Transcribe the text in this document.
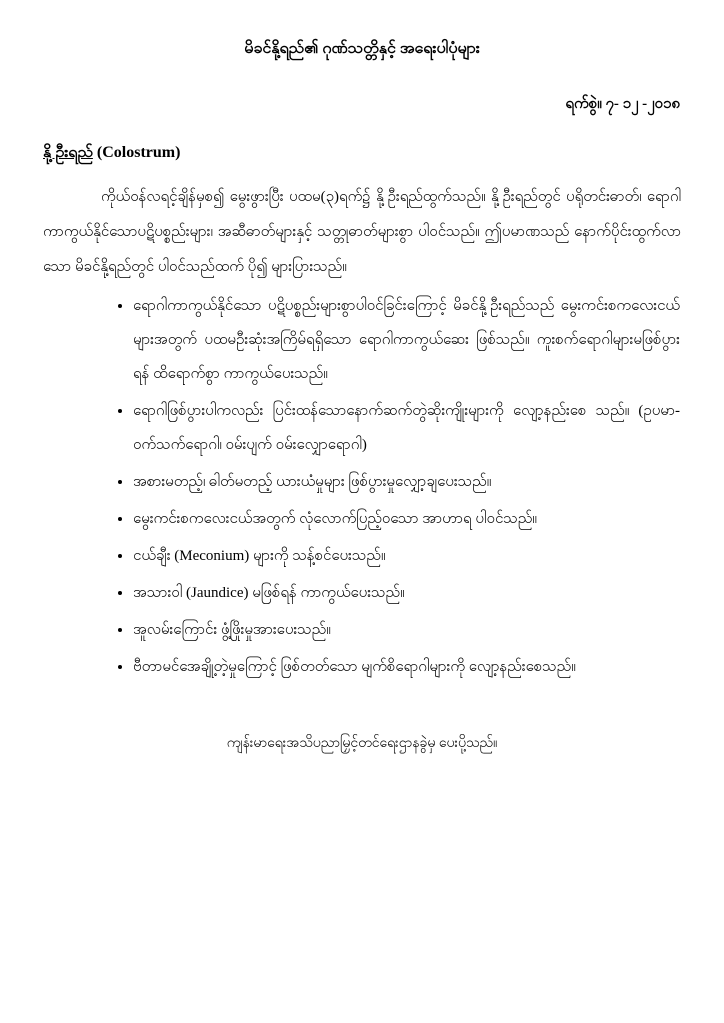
မိခင်နို့ရည်၏ ဂုဏ်သတ္တိနှင့် အရေးပါပုံများ
ရက်စွဲ။ ၇- ၁၂ -၂၀၁၈
နို့ဦးရည် (Colostrum)
ကိုယ်ဝန်လရင့်ချိန်မှစ၍ မွေးဖွားပြီး ပထမ(၃)ရက်၌ နို့ဦးရည်ထွက်သည်။ နို့ဦးရည်တွင် ပရိုတင်းဓာတ်၊ ရောဂါကာကွယ်နိုင်သောပဋိပစ္စည်းများ၊ အဆီဓာတ်များနှင့် သတ္တုဓာတ်များစွာ ပါဝင်သည်။ ဤပမာဏသည် နောက်ပိုင်းထွက်လာသော မိခင်နို့ရည်တွင် ပါဝင်သည်ထက် ပို၍ များပြားသည်။
• ရောဂါကာကွယ်နိုင်သော ပဋိပစ္စည်းများစွာပါဝင်ခြင်းကြောင့် မိခင်နို့ဦးရည်သည် မွေးကင်းစကလေးငယ်များအတွက် ပထမဦးဆုံးအကြိမ်ရရှိသော ရောဂါကာကွယ်ဆေး ဖြစ်သည်။ ကူးစက်ရောဂါများမဖြစ်ပွားရန် ထိရောက်စွာ ကာကွယ်ပေးသည်။
• ရောဂါဖြစ်ပွားပါကလည်း ပြင်းထန်သောနောက်ဆက်တွဲဆိုးကျိုးများကို လျော့နည်းစေ သည်။ (ဥပမာ- ဝက်သက်ရောဂါ၊ ဝမ်းပျက် ဝမ်းလျှောရောဂါ)
• အစားမတည့်၊ ဓါတ်မတည့် ယားယံမှုများ ဖြစ်ပွားမှုလျှော့ချပေးသည်။
• မွေးကင်းစကလေးငယ်အတွက် လုံလောက်ပြည့်ဝသော အာဟာရ ပါဝင်သည်။
• ငယ်ချီး (Meconium) များကို သန့်စင်ပေးသည်။
• အသားဝါ (Jaundice) မဖြစ်ရန် ကာကွယ်ပေးသည်။
• အူလမ်းကြောင်း ဖွံ့ဖြိုးမှုအားပေးသည်။
• ဗီတာမင်အေချို့တဲ့မှုကြောင့် ဖြစ်တတ်သော မျက်စိရောဂါများကို လျော့နည်းစေသည်။
ကျန်းမာရေးအသိပညာမြှင့်တင်ရေးဌာနခွဲမှ ပေးပို့သည်။
